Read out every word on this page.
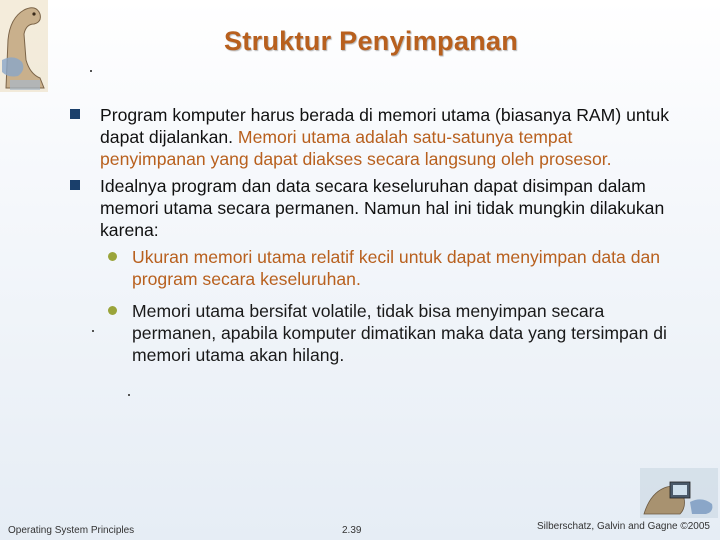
Struktur Penyimpanan
Program komputer harus berada di memori utama (biasanya RAM) untuk dapat dijalankan. Memori utama adalah satu-satunya tempat penyimpanan yang dapat diakses secara langsung oleh prosesor.
Idealnya program dan data secara keseluruhan dapat disimpan dalam memori utama secara permanen. Namun hal ini tidak mungkin dilakukan karena:
Ukuran memori utama relatif kecil untuk dapat menyimpan data dan program secara keseluruhan.
Memori utama bersifat volatile, tidak bisa menyimpan secara permanen, apabila komputer dimatikan maka data yang tersimpan di memori utama akan hilang.
Operating System Principles	2.39	Silberschatz, Galvin and Gagne ©2005
